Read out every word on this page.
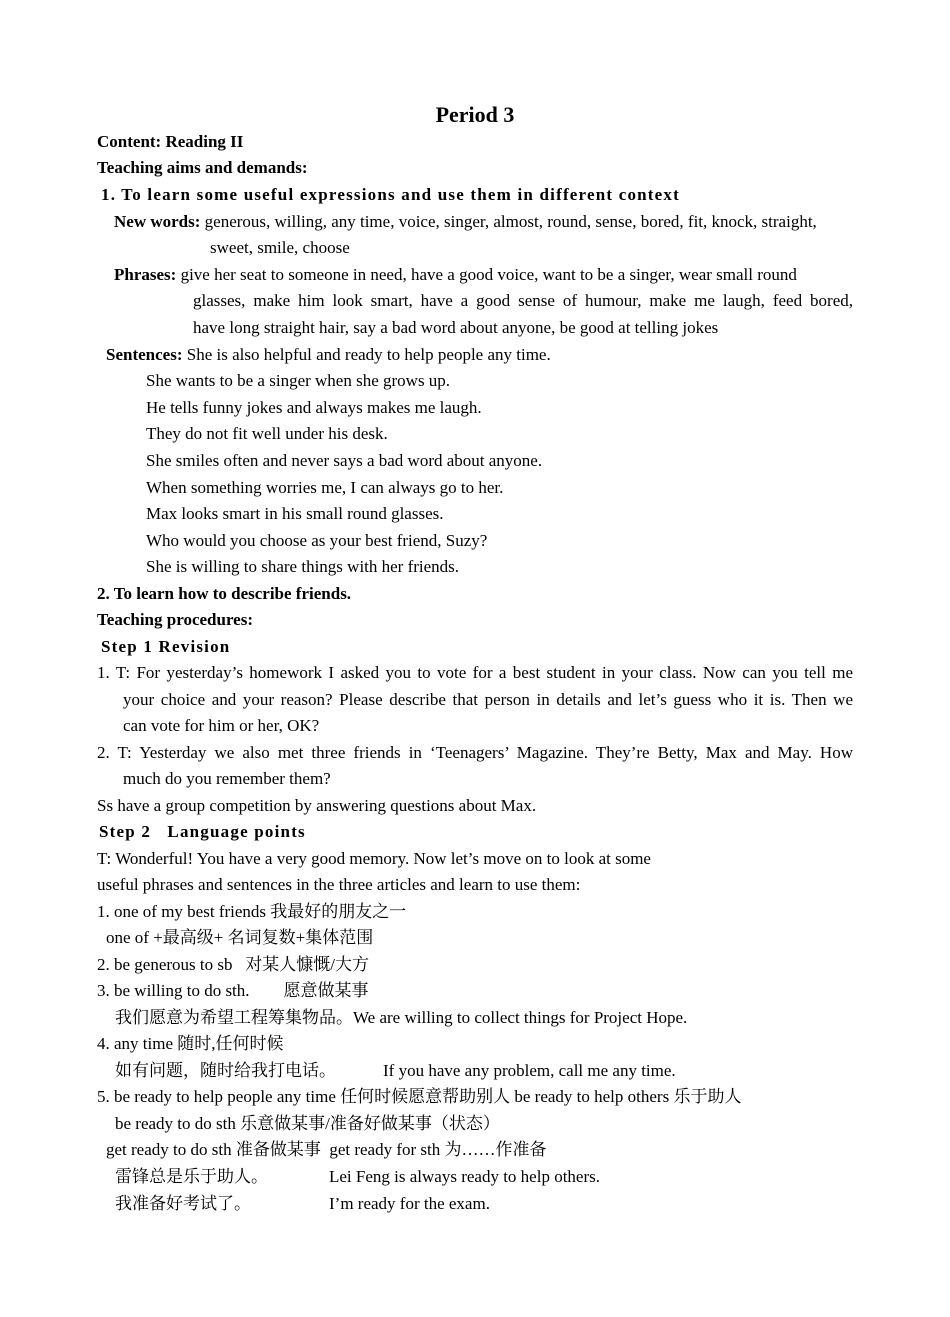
Period 3
Content: Reading II
Teaching aims and demands:
1. To learn some useful expressions and use them in different context
New words: generous, willing, any time, voice, singer, almost, round, sense, bored, fit, knock, straight,
sweet, smile, choose
Phrases: give her seat to someone in need, have a good voice, want to be a singer, wear small round
glasses, make him look smart, have a good sense of humour, make me laugh, feed bored,
have long straight hair, say a bad word about anyone, be good at telling jokes
Sentences: She is also helpful and ready to help people any time.
She wants to be a singer when she grows up.
He tells funny jokes and always makes me laugh.
They do not fit well under his desk.
She smiles often and never says a bad word about anyone.
When something worries me, I can always go to her.
Max looks smart in his small round glasses.
Who would you choose as your best friend, Suzy?
She is willing to share things with her friends.
2. To learn how to describe friends.
Teaching procedures:
Step 1 Revision
1. T: For yesterday’s homework I asked you to vote for a best student in your class. Now can you tell me
your choice and your reason? Please describe that person in details and let’s guess who it is. Then we
can vote for him or her, OK?
2. T: Yesterday we also met three friends in ‘Teenagers’ Magazine. They’re Betty, Max and May. How
much do you remember them?
Ss have a group competition by answering questions about Max.
Step 2   Language points
T: Wonderful! You have a very good memory. Now let’s move on to look at some
useful phrases and sentences in the three articles and learn to use them:
1. one of my best friends 我最好的朋友之一
one of +最高级+ 名词复数+集体范围
2. be generous to sb   对某人慷慨/大方
3. be willing to do sth.        愿意做某事
我们愿意为希望工程筹集物品。We are willing to collect things for Project Hope.
4. any time 随时,任何时候
如有问题，随时给我打电话。	If you have any problem, call me any time.
5. be ready to help people any time 任何时候愿意帮助别人 be ready to help others 乐于助人
be ready to do sth 乐意做某事/准备好做某事（状态）
get ready to do sth 准备做某事  get ready for sth 为……作准备
雷锋总是乐于助人。	Lei Feng is always ready to help others.
我准备好考试了。	I’m ready for the exam.
